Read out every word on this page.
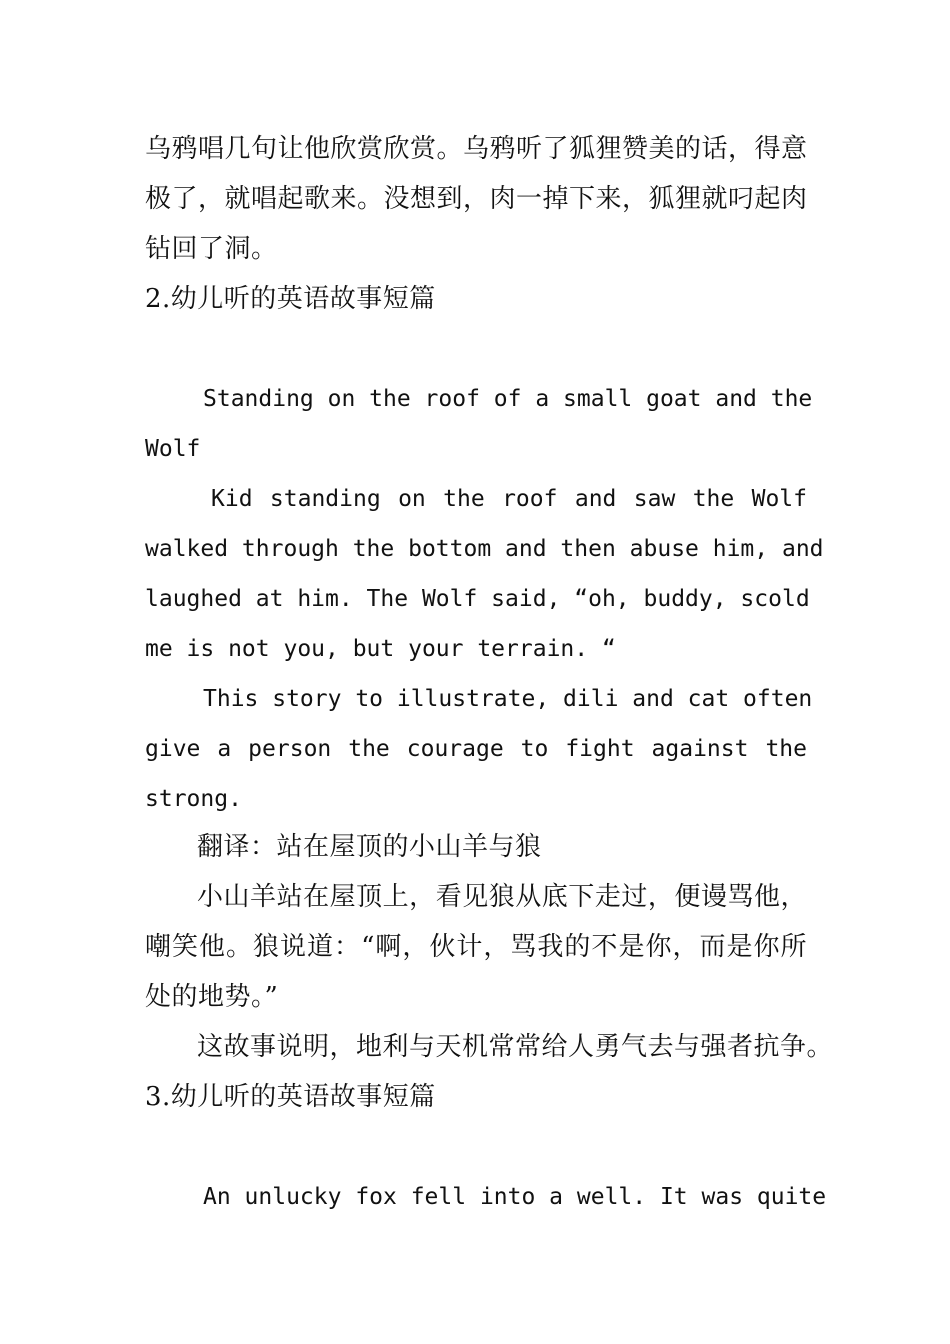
乌鸦唱几句让他欣赏欣赏。乌鸦听了狐狸赞美的话，得意
极了，就唱起歌来。没想到，肉一掉下来，狐狸就叼起肉
钻回了洞。
2.幼儿听的英语故事短篇
Standing on the roof of a small goat and the
Wolf
Kid standing on the roof and saw the Wolf
walked through the bottom and then abuse him, and
laughed at him. The Wolf said, “oh, buddy, scold
me is not you, but your terrain. “
This story to illustrate, dili and cat often
give a person the courage to fight against the
strong.
翻译：站在屋顶的小山羊与狼
小山羊站在屋顶上，看见狼从底下走过，便谩骂他，
嘲笑他。狼说道：“啊，伙计，骂我的不是你，而是你所
处的地势。”
这故事说明，地利与天机常常给人勇气去与强者抗争。
3.幼儿听的英语故事短篇
An unlucky fox fell into a well. It was quite
